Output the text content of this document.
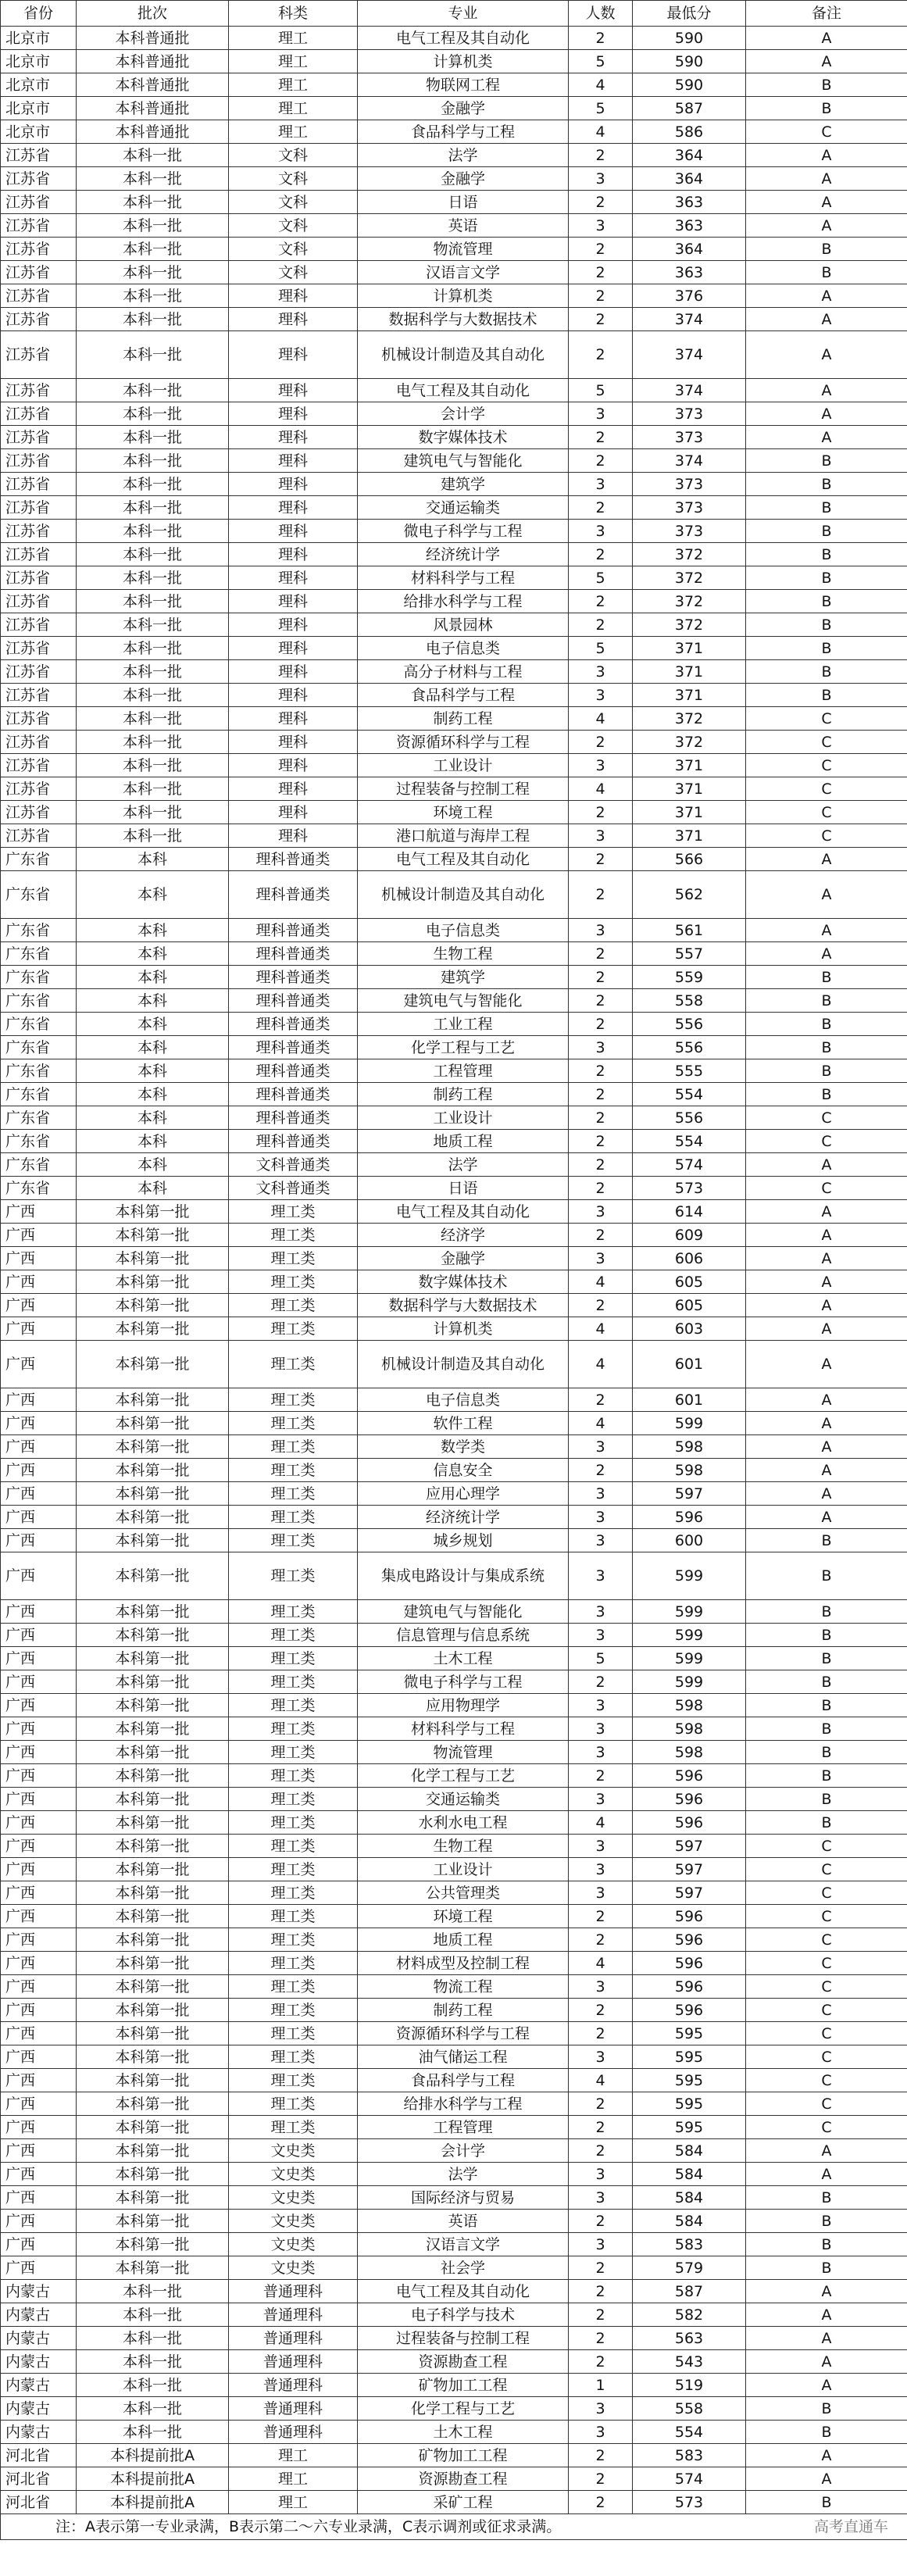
省份	批次	科类	专业	人数	最低分	备注
北京市	本科普通批	理工	电气工程及其自动化	2	590	A
北京市	本科普通批	理工	计算机类	5	590	A
北京市	本科普通批	理工	物联网工程	4	590	B
北京市	本科普通批	理工	金融学	5	587	B
北京市	本科普通批	理工	食品科学与工程	4	586	C
江苏省	本科一批	文科	法学	2	364	A
江苏省	本科一批	文科	金融学	3	364	A
江苏省	本科一批	文科	日语	2	363	A
江苏省	本科一批	文科	英语	3	363	A
江苏省	本科一批	文科	物流管理	2	364	B
江苏省	本科一批	文科	汉语言文学	2	363	B
江苏省	本科一批	理科	计算机类	2	376	A
江苏省	本科一批	理科	数据科学与大数据技术	2	374	A
江苏省	本科一批	理科	机械设计制造及其自动化	2	374	A
江苏省	本科一批	理科	电气工程及其自动化	5	374	A
江苏省	本科一批	理科	会计学	3	373	A
江苏省	本科一批	理科	数字媒体技术	2	373	A
江苏省	本科一批	理科	建筑电气与智能化	2	374	B
江苏省	本科一批	理科	建筑学	3	373	B
江苏省	本科一批	理科	交通运输类	2	373	B
江苏省	本科一批	理科	微电子科学与工程	3	373	B
江苏省	本科一批	理科	经济统计学	2	372	B
江苏省	本科一批	理科	材料科学与工程	5	372	B
江苏省	本科一批	理科	给排水科学与工程	2	372	B
江苏省	本科一批	理科	风景园林	2	372	B
江苏省	本科一批	理科	电子信息类	5	371	B
江苏省	本科一批	理科	高分子材料与工程	3	371	B
江苏省	本科一批	理科	食品科学与工程	3	371	B
江苏省	本科一批	理科	制药工程	4	372	C
江苏省	本科一批	理科	资源循环科学与工程	2	372	C
江苏省	本科一批	理科	工业设计	3	371	C
江苏省	本科一批	理科	过程装备与控制工程	4	371	C
江苏省	本科一批	理科	环境工程	2	371	C
江苏省	本科一批	理科	港口航道与海岸工程	3	371	C
广东省	本科	理科普通类	电气工程及其自动化	2	566	A
广东省	本科	理科普通类	机械设计制造及其自动化	2	562	A
广东省	本科	理科普通类	电子信息类	3	561	A
广东省	本科	理科普通类	生物工程	2	557	A
广东省	本科	理科普通类	建筑学	2	559	B
广东省	本科	理科普通类	建筑电气与智能化	2	558	B
广东省	本科	理科普通类	工业工程	2	556	B
广东省	本科	理科普通类	化学工程与工艺	3	556	B
广东省	本科	理科普通类	工程管理	2	555	B
广东省	本科	理科普通类	制药工程	2	554	B
广东省	本科	理科普通类	工业设计	2	556	C
广东省	本科	理科普通类	地质工程	2	554	C
广东省	本科	文科普通类	法学	2	574	A
广东省	本科	文科普通类	日语	2	573	C
广西	本科第一批	理工类	电气工程及其自动化	3	614	A
广西	本科第一批	理工类	经济学	2	609	A
广西	本科第一批	理工类	金融学	3	606	A
广西	本科第一批	理工类	数字媒体技术	4	605	A
广西	本科第一批	理工类	数据科学与大数据技术	2	605	A
广西	本科第一批	理工类	计算机类	4	603	A
广西	本科第一批	理工类	机械设计制造及其自动化	4	601	A
广西	本科第一批	理工类	电子信息类	2	601	A
广西	本科第一批	理工类	软件工程	4	599	A
广西	本科第一批	理工类	数学类	3	598	A
广西	本科第一批	理工类	信息安全	2	598	A
广西	本科第一批	理工类	应用心理学	3	597	A
广西	本科第一批	理工类	经济统计学	3	596	A
广西	本科第一批	理工类	城乡规划	3	600	B
广西	本科第一批	理工类	集成电路设计与集成系统	3	599	B
广西	本科第一批	理工类	建筑电气与智能化	3	599	B
广西	本科第一批	理工类	信息管理与信息系统	3	599	B
广西	本科第一批	理工类	土木工程	5	599	B
广西	本科第一批	理工类	微电子科学与工程	2	599	B
广西	本科第一批	理工类	应用物理学	3	598	B
广西	本科第一批	理工类	材料科学与工程	3	598	B
广西	本科第一批	理工类	物流管理	3	598	B
广西	本科第一批	理工类	化学工程与工艺	2	596	B
广西	本科第一批	理工类	交通运输类	3	596	B
广西	本科第一批	理工类	水利水电工程	4	596	B
广西	本科第一批	理工类	生物工程	3	597	C
广西	本科第一批	理工类	工业设计	3	597	C
广西	本科第一批	理工类	公共管理类	3	597	C
广西	本科第一批	理工类	环境工程	2	596	C
广西	本科第一批	理工类	地质工程	2	596	C
广西	本科第一批	理工类	材料成型及控制工程	4	596	C
广西	本科第一批	理工类	物流工程	3	596	C
广西	本科第一批	理工类	制药工程	2	596	C
广西	本科第一批	理工类	资源循环科学与工程	2	595	C
广西	本科第一批	理工类	油气储运工程	3	595	C
广西	本科第一批	理工类	食品科学与工程	4	595	C
广西	本科第一批	理工类	给排水科学与工程	2	595	C
广西	本科第一批	理工类	工程管理	2	595	C
广西	本科第一批	文史类	会计学	2	584	A
广西	本科第一批	文史类	法学	3	584	A
广西	本科第一批	文史类	国际经济与贸易	3	584	B
广西	本科第一批	文史类	英语	2	584	B
广西	本科第一批	文史类	汉语言文学	3	583	B
广西	本科第一批	文史类	社会学	2	579	B
内蒙古	本科一批	普通理科	电气工程及其自动化	2	587	A
内蒙古	本科一批	普通理科	电子科学与技术	2	582	A
内蒙古	本科一批	普通理科	过程装备与控制工程	2	563	A
内蒙古	本科一批	普通理科	资源勘查工程	2	543	A
内蒙古	本科一批	普通理科	矿物加工工程	1	519	A
内蒙古	本科一批	普通理科	化学工程与工艺	3	558	B
内蒙古	本科一批	普通理科	土木工程	3	554	B
河北省	本科提前批A	理工	矿物加工工程	2	583	A
河北省	本科提前批A	理工	资源勘查工程	2	574	A
河北省	本科提前批A	理工	采矿工程	2	573	B
注：A表示第一专业录满，B表示第二～六专业录满，C表示调剂或征求录满。 高考直通车						
